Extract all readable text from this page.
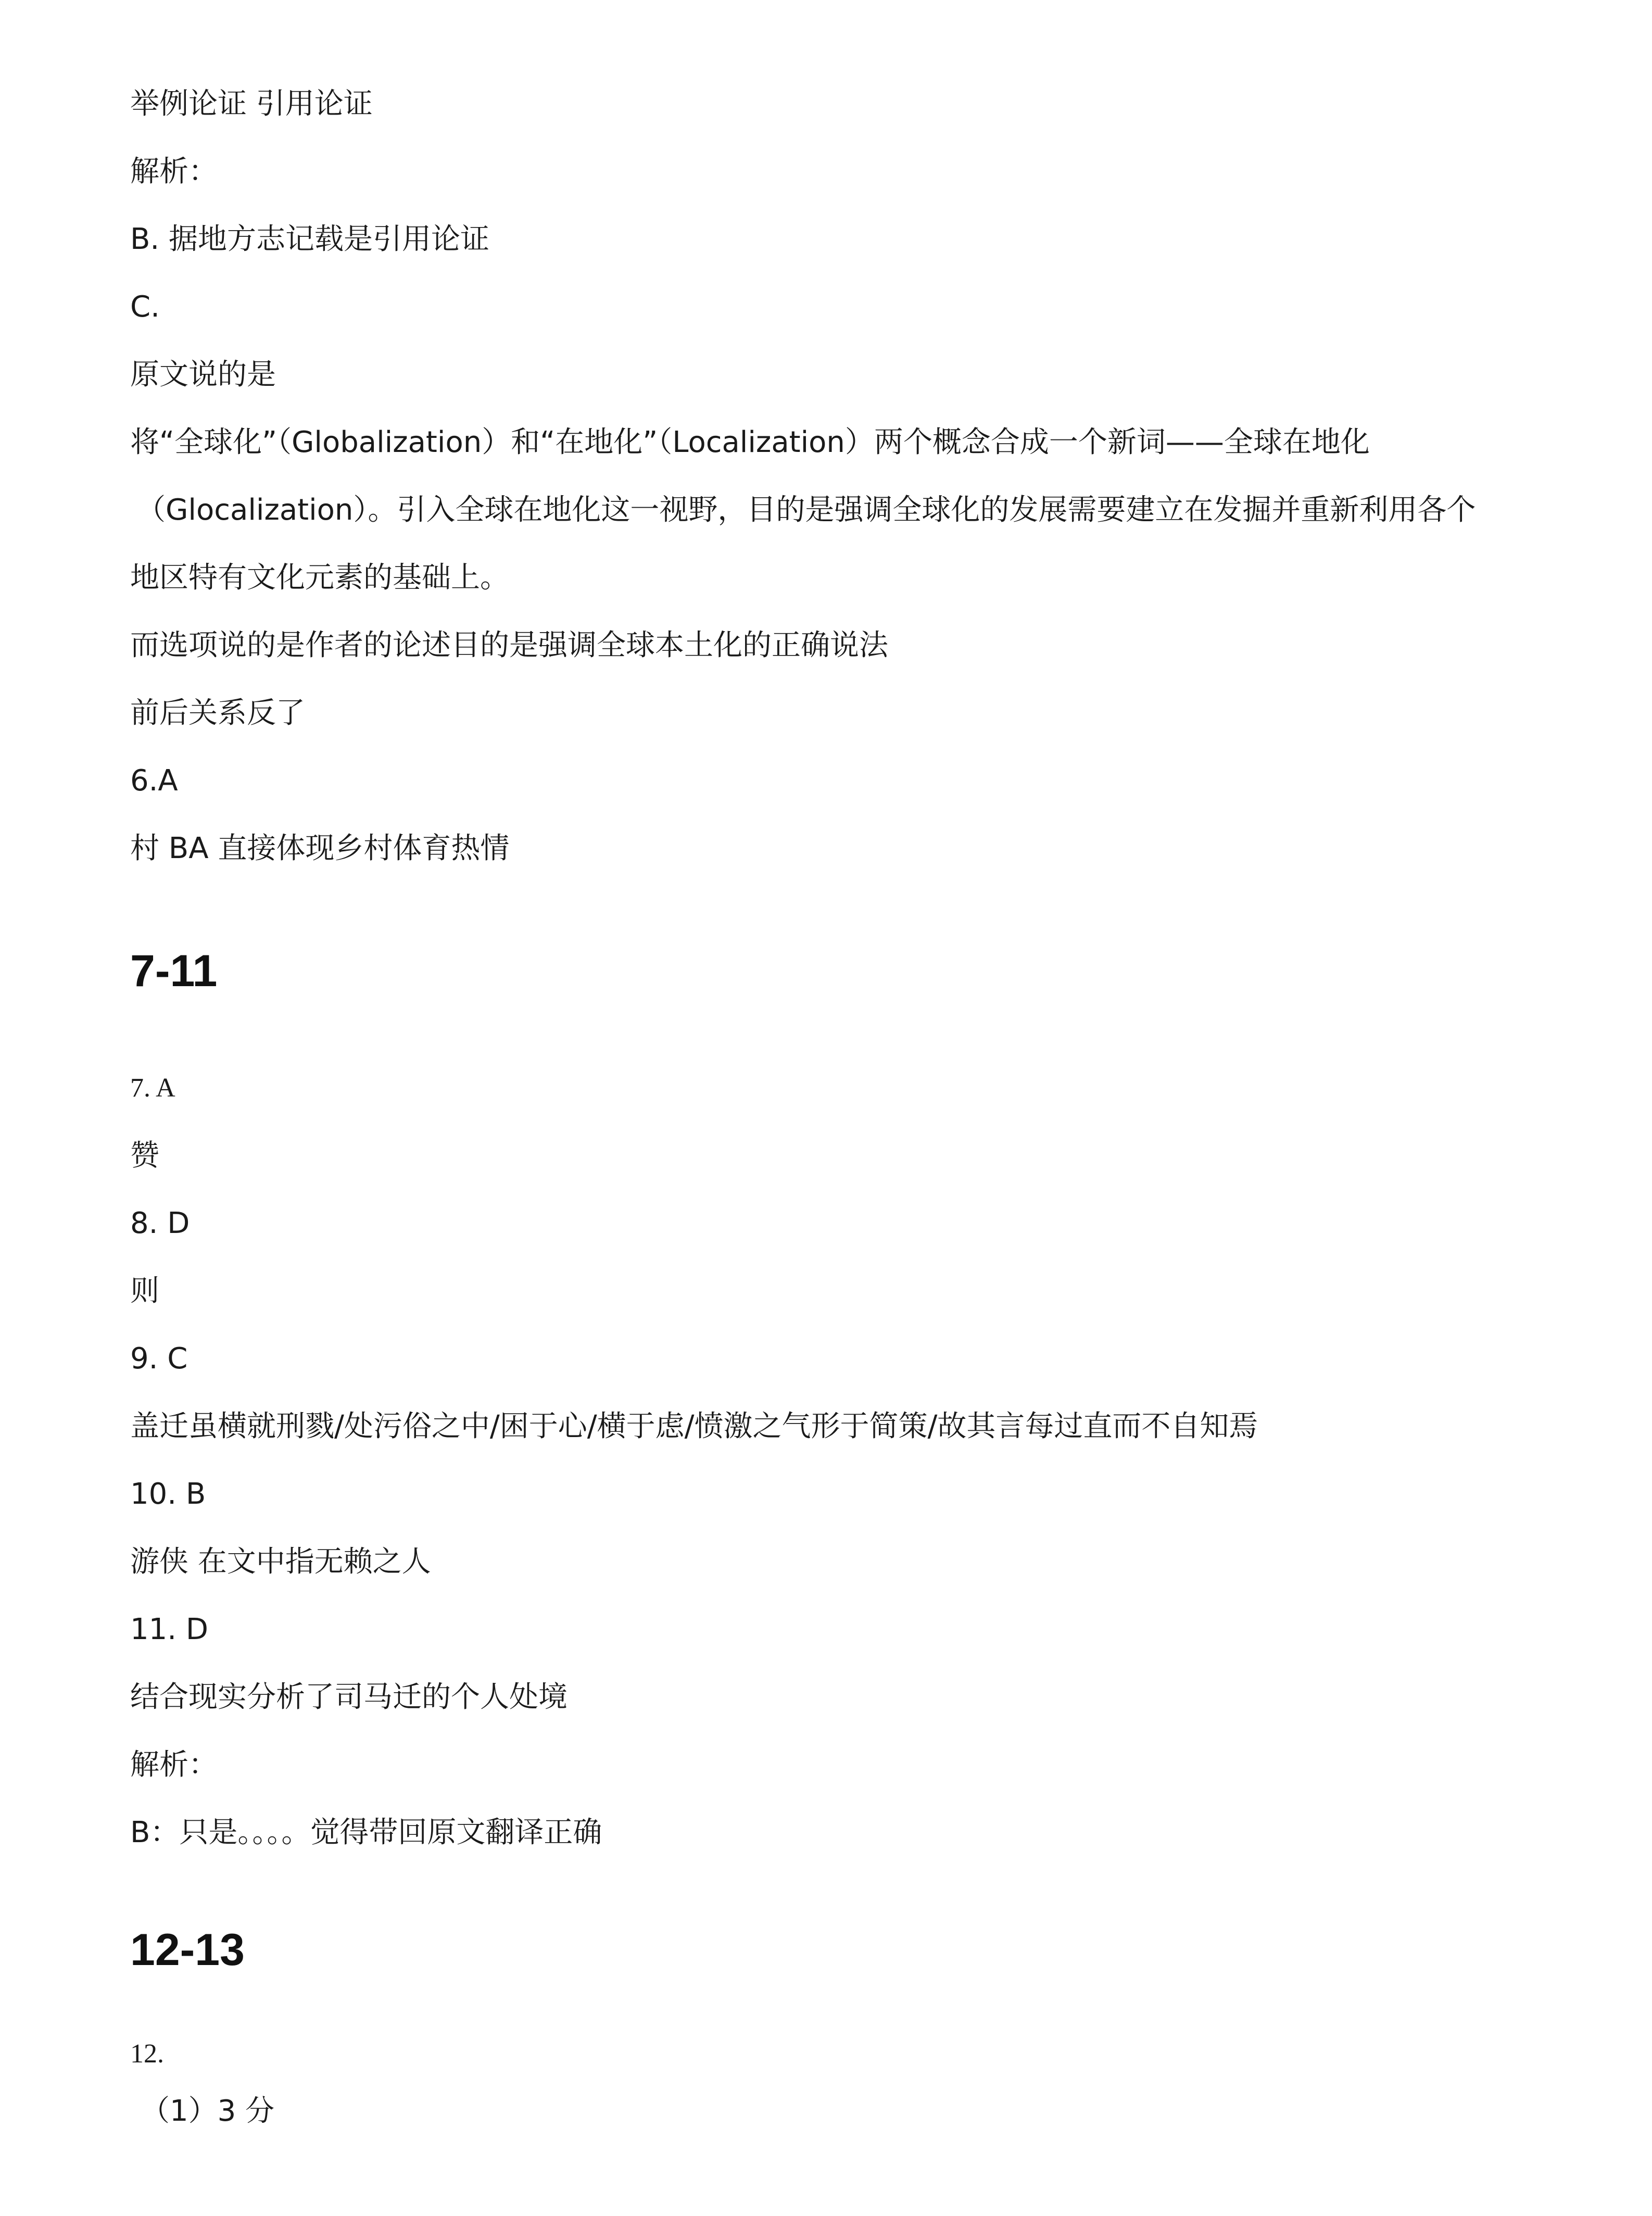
举例论证 引用论证
解析：
B. 据地方志记载是引用论证
C.
原文说的是
将“全球化”（Globalization）和“在地化”（Localization）两个概念合成一个新词——全球在地化
（Glocalization）。引入全球在地化这一视野，目的是强调全球化的发展需要建立在发掘并重新利用各个
地区特有文化元素的基础上。
而选项说的是作者的论述目的是强调全球本土化的正确说法
前后关系反了
6.A
村 BA 直接体现乡村体育热情
7-11
7. A
赞
8. D
则
9. C
盖迁虽横就刑戮/处污俗之中/困于心/横于虑/愤激之气形于简策/故其言每过直而不自知焉
10. B
游侠 在文中指无赖之人
11. D
结合现实分析了司马迁的个人处境
解析：
B：只是。。。。觉得带回原文翻译正确
12-13
12.
（1）3 分
